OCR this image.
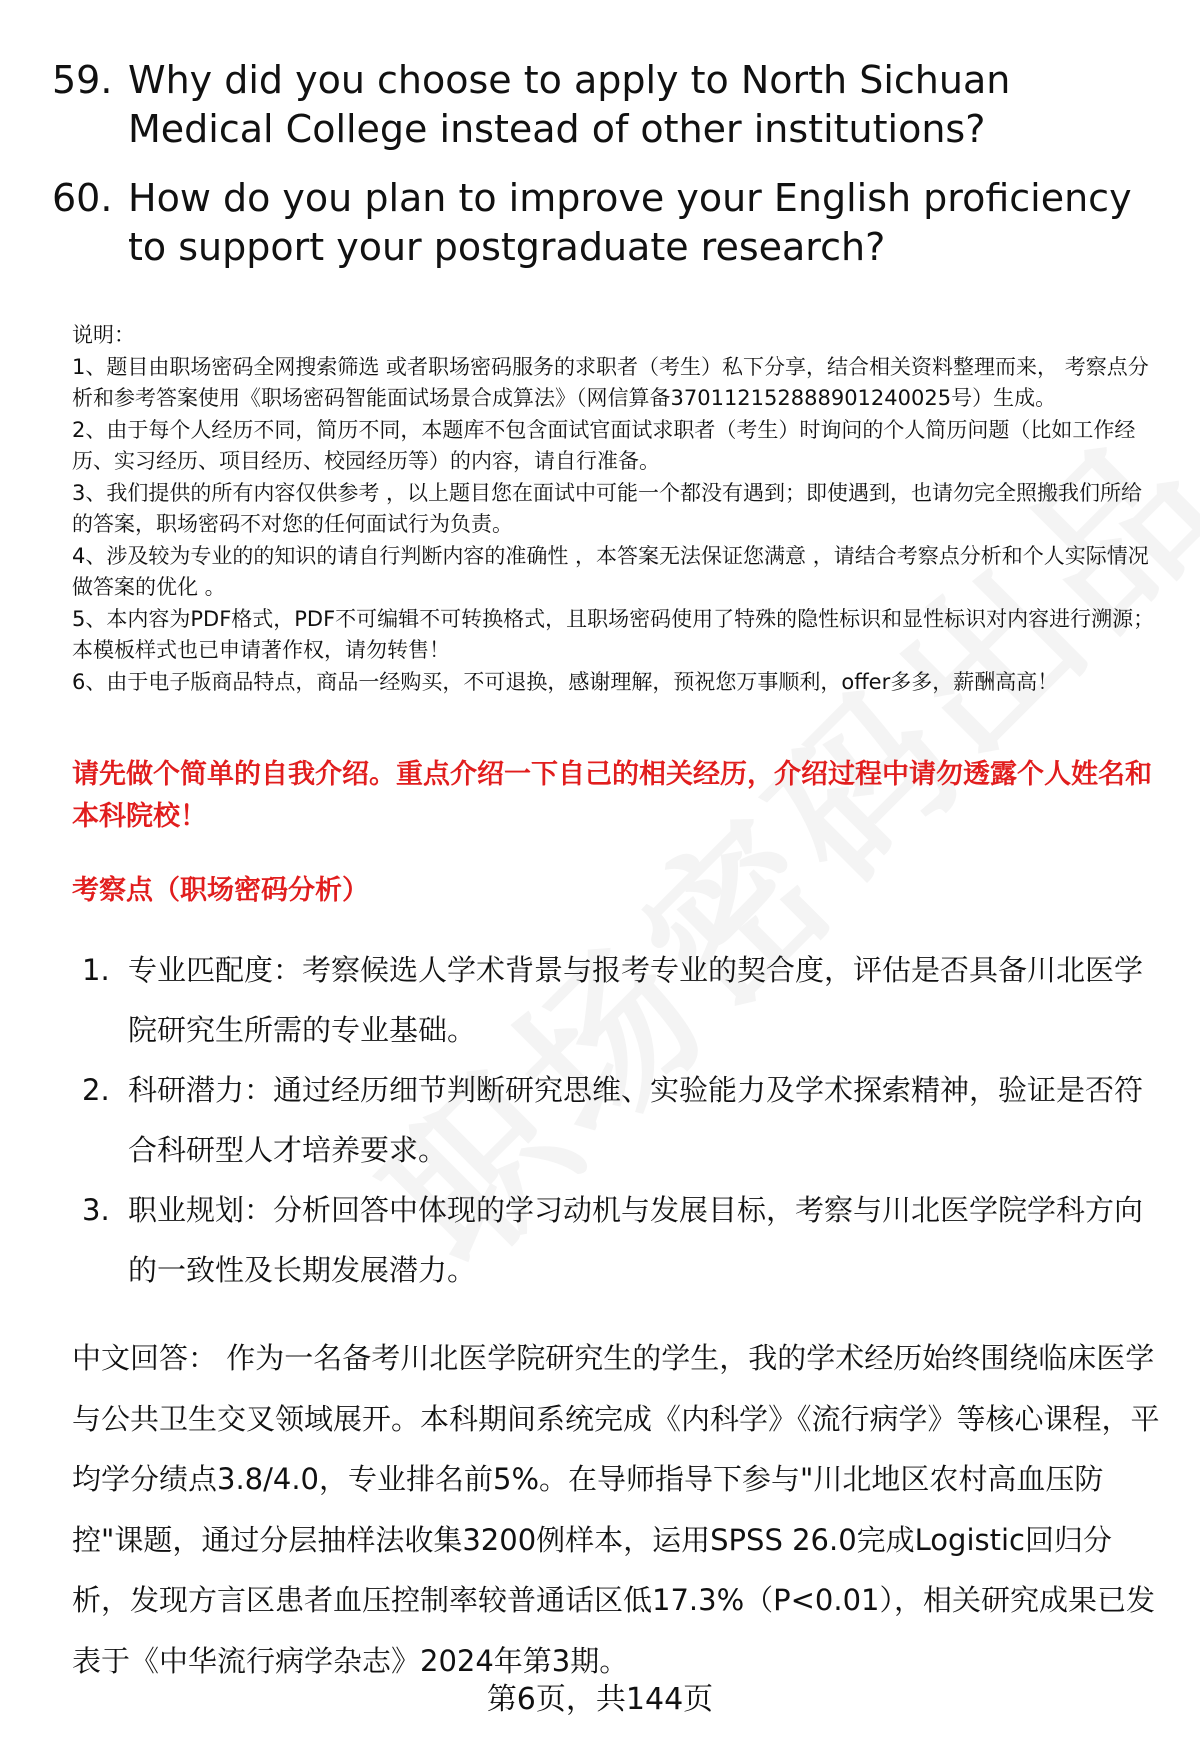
59. Why did you choose to apply to North Sichuan Medical College instead of other institutions?
60. How do you plan to improve your English proficiency to support your postgraduate research?

说明：

1、题目由职场密码全网搜索筛选 或者职场密码服务的求职者（考生）私下分享，结合相关资料整理而来， 考察点分析和参考答案使用《职场密码智能面试场景合成算法》（网信算备370112152888901240025号）生成。

2、由于每个人经历不同，简历不同，本题库不包含面试官面试求职者（考生）时询问的个人简历问题（比如工作经历、实习经历、项目经历、校园经历等）的内容，请自行准备。

3、我们提供的所有内容仅供参考 ，以上题目您在面试中可能一个都没有遇到；即使遇到，也请勿完全照搬我们所给的答案，职场密码不对您的任何面试行为负责。

4、涉及较为专业的的知识的请自行判断内容的准确性 ，本答案无法保证您满意 ，请结合考察点分析和个人实际情况做答案的优化 。

5、本内容为PDF格式，PDF不可编辑不可转换格式，且职场密码使用了特殊的隐性标识和显性标识对内容进行溯源；本模板样式也已申请著作权，请勿转售！

6、由于电子版商品特点，商品一经购买，不可退换，感谢理解，预祝您万事顺利，offer多多，薪酬高高！

请先做个简单的自我介绍。重点介绍一下自己的相关经历，介绍过程中请勿透露个人姓名和本科院校！
考察点（职场密码分析）
1. 专业匹配度：考察候选人学术背景与报考专业的契合度，评估是否具备川北医学院研究生所需的专业基础。
2. 科研潜力：通过经历细节判断研究思维、实验能力及学术探索精神，验证是否符合科研型人才培养要求。
3. 职业规划：分析回答中体现的学习动机与发展目标，考察与川北医学院学科方向的一致性及长期发展潜力。
中文回答： 作为一名备考川北医学院研究生的学生，我的学术经历始终围绕临床医学与公共卫生交叉领域展开。本科期间系统完成《内科学》《流行病学》等核心课程，平均学分绩点3.8/4.0，专业排名前5%。在导师指导下参与"川北地区农村高血压防控"课题，通过分层抽样法收集3200例样本，运用SPSS 26.0完成Logistic回归分析，发现方言区患者血压控制率较普通话区低17.3%（P<0.01），相关研究成果已发表于《中华流行病学杂志》2024年第3期。
第6页，共144页
